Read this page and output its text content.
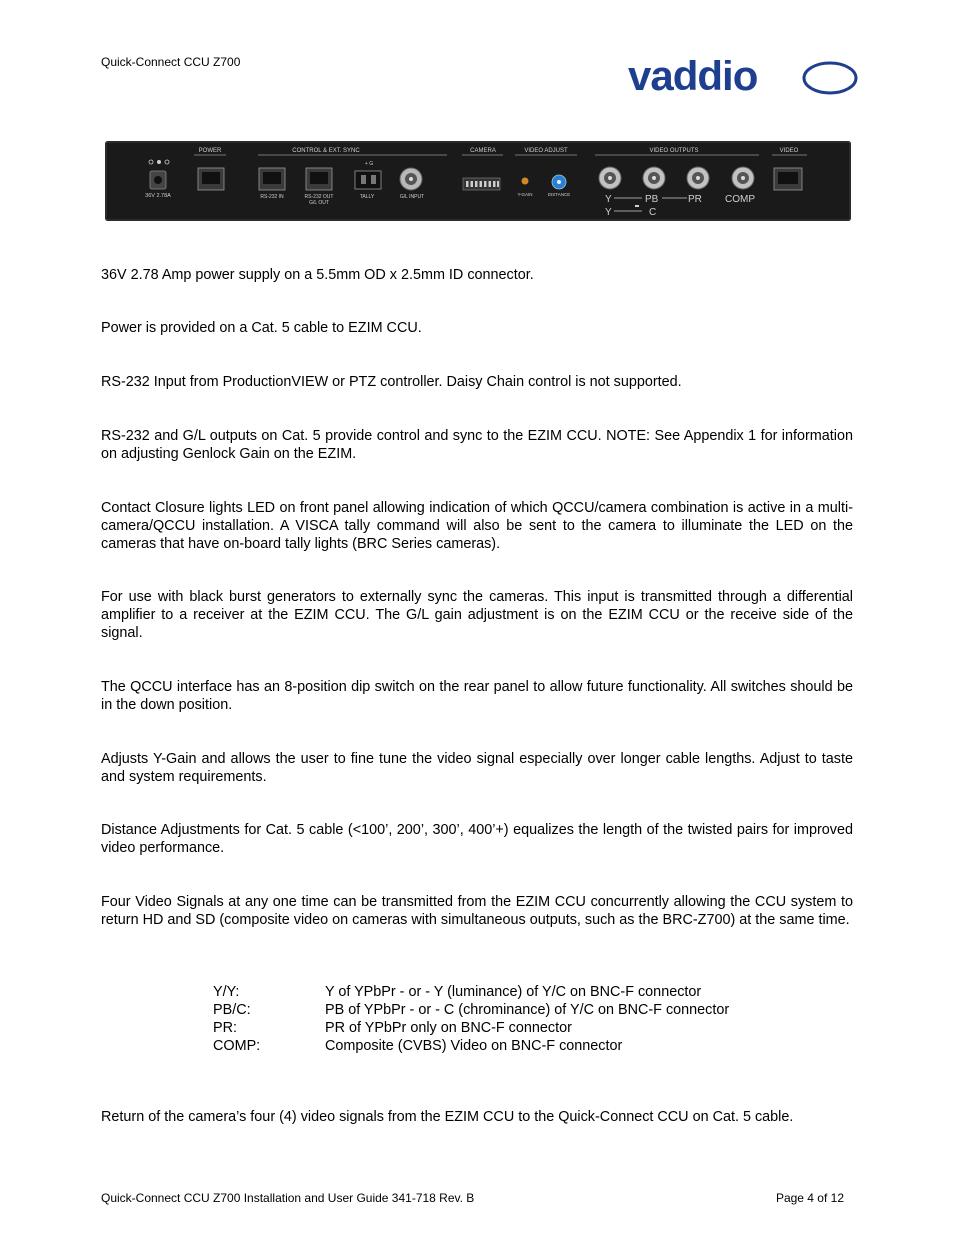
Quick-Connect CCU Z700	vaddio
36V 2.78A
POWER	CONTROL & EXT. SYNC	CAMERA	VIDEO ADJUST	VIDEO OUTPUTS	VIDEO
RS-232 IN	RS-232 OUT
G/L OUT
+ G
TALLY	G/L INPUT	Y-GAIN	DISTANCE	Y	PB	PR COMP
Y	C

36V 2.78 Amp power supply on a 5.5mm OD x 2.5mm ID connector.

Power is provided on a Cat. 5 cable to EZIM CCU.

RS-232 Input from ProductionVIEW or PTZ controller. Daisy Chain control is not supported.

RS-232 and G/L outputs on Cat. 5 provide control and sync to the EZIM CCU. NOTE: See Appendix 1 for information on adjusting Genlock Gain on the EZIM.

Contact Closure lights LED on front panel allowing indication of which QCCU/camera combination is active in a multi-camera/QCCU installation. A VISCA tally command will also be sent to the camera to illuminate the LED on the cameras that have on-board tally lights (BRC Series cameras).

For use with black burst generators to externally sync the cameras. This input is transmitted through a differential amplifier to a receiver at the EZIM CCU. The G/L gain adjustment is on the EZIM CCU or the receive side of the signal.

The QCCU interface has an 8-position dip switch on the rear panel to allow future functionality. All switches should be in the down position.

Adjusts Y-Gain and allows the user to fine tune the video signal especially over longer cable lengths. Adjust to taste and system requirements.

Distance Adjustments for Cat. 5 cable (<100’, 200’, 300’, 400’+) equalizes the length of the twisted pairs for improved video performance.

Four Video Signals at any one time can be transmitted from the EZIM CCU concurrently allowing the CCU system to return HD and SD (composite video on cameras with simultaneous outputs, such as the BRC-Z700) at the same time.

Y/Y:	Y of YPbPr - or - Y (luminance) of Y/C on BNC-F connector
PB/C:	PB of YPbPr - or - C (chrominance) of Y/C on BNC-F connector
PR:	PR of YPbPr only on BNC-F connector
COMP:	Composite (CVBS) Video on BNC-F connector

Return of the camera’s four (4) video signals from the EZIM CCU to the Quick-Connect CCU on Cat. 5 cable.

Quick-Connect CCU Z700 Installation and User Guide 341-718 Rev. B	Page 4 of 12
